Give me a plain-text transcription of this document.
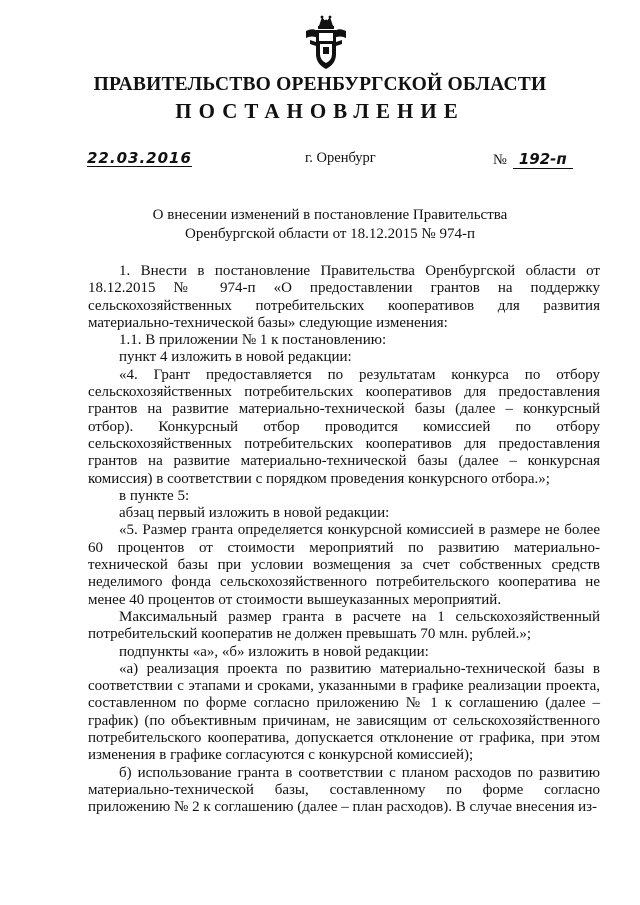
ПРАВИТЕЛЬСТВО ОРЕНБУРГСКОЙ ОБЛАСТИ
ПОСТАНОВЛЕНИЕ
22.03.2016	г. Оренбург	№ 192-п
О внесении изменений в постановление Правительства
Оренбургской области от 18.12.2015 № 974-п

1. Внести в постановление Правительства Оренбургской области от 18.12.2015 № 974-п «О предоставлении грантов на поддержку сельскохозяйственных потребительских кооперативов для развития материально-технической базы» следующие изменения:

1.1. В приложении № 1 к постановлению:

пункт 4 изложить в новой редакции:

«4. Грант предоставляется по результатам конкурса по отбору сельскохозяйственных потребительских кооперативов для предоставления грантов на развитие материально-технической базы (далее – конкурсный отбор). Конкурсный отбор проводится комиссией по отбору сельскохозяйственных потребительских кооперативов для предоставления грантов на развитие материально-технической базы (далее – конкурсная комиссия) в соответствии с порядком проведения конкурсного отбора.»;

в пункте 5:

абзац первый изложить в новой редакции:

«5. Размер гранта определяется конкурсной комиссией в размере не более 60 процентов от стоимости мероприятий по развитию материально-технической базы при условии возмещения за счет собственных средств неделимого фонда сельскохозяйственного потребительского кооператива не менее 40 процентов от стоимости вышеуказанных мероприятий.

Максимальный размер гранта в расчете на 1 сельскохозяйственный потребительский кооператив не должен превышать 70 млн. рублей.»;

подпункты «а», «б» изложить в новой редакции:

«а) реализация проекта по развитию материально-технической базы в соответствии с этапами и сроками, указанными в графике реализации проекта, составленном по форме согласно приложению № 1 к соглашению (далее – график) (по объективным причинам, не зависящим от сельскохозяйственного потребительского кооператива, допускается отклонение от графика, при этом изменения в графике согласуются с конкурсной комиссией);

б) использование гранта в соответствии с планом расходов по развитию материально-технической базы, составленному по форме согласно приложению № 2 к соглашению (далее – план расходов). В случае внесения из-
